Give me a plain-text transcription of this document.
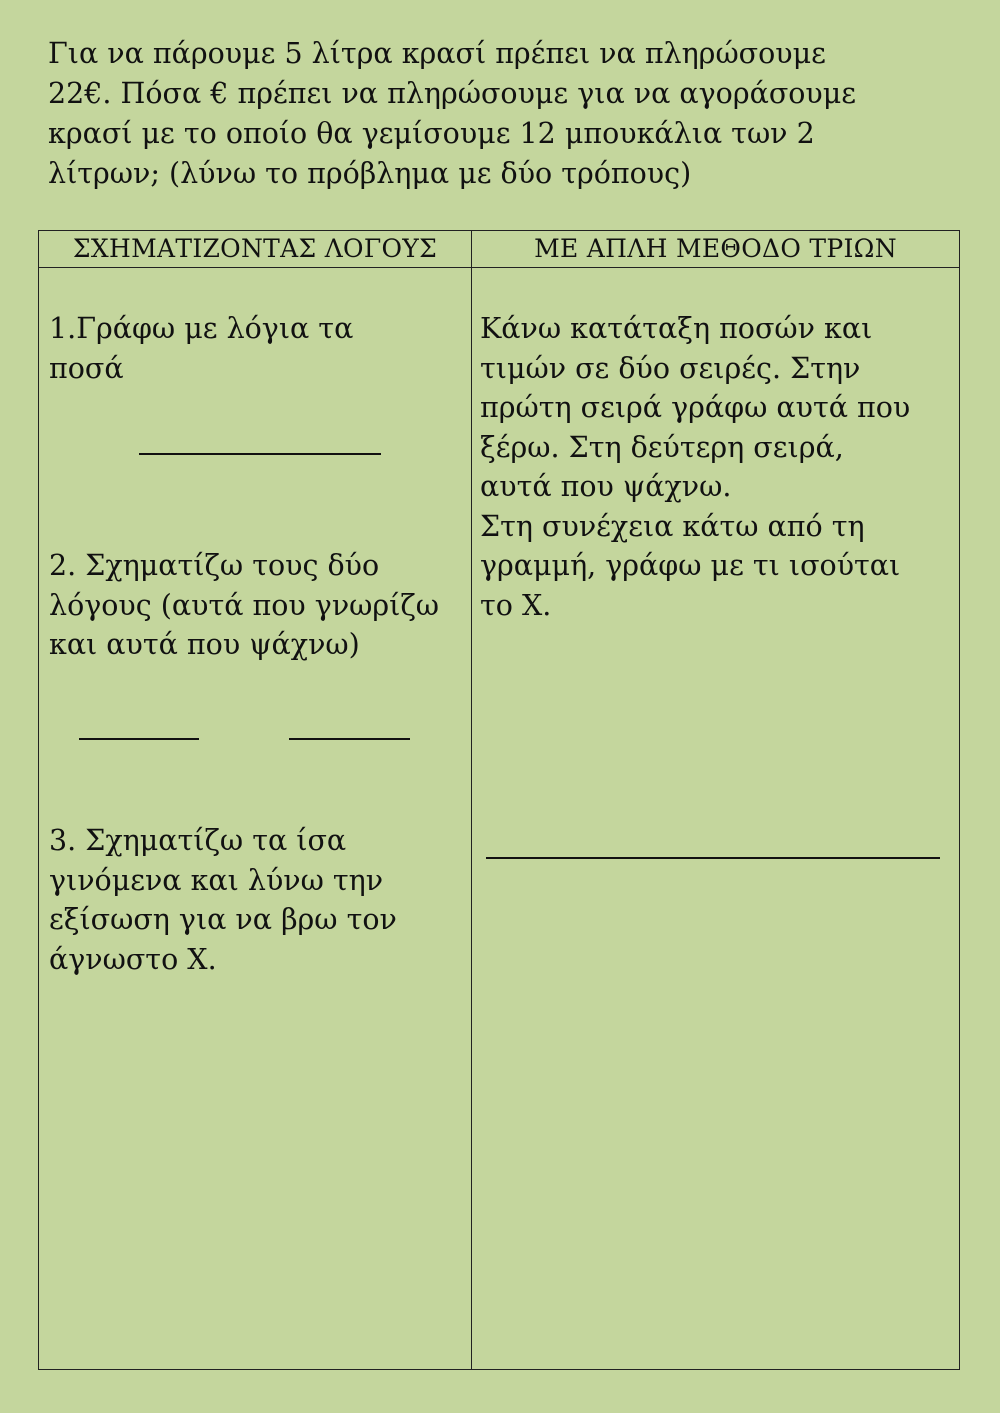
Για να πάρουμε 5 λίτρα κρασί πρέπει να πληρώσουμε
22€. Πόσα € πρέπει να πληρώσουμε για να αγοράσουμε
κρασί με το οποίο θα γεμίσουμε 12 μπουκάλια των 2
λίτρων; (λύνω το πρόβλημα με δύο τρόπους)

ΣΧΗΜΑΤΙΖΟΝΤΑΣ ΛΟΓΟΥΣ	ΜΕ ΑΠΛΗ ΜΕΘΟΔΟ ΤΡΙΩΝ

1.Γράφω με λόγια τα
ποσά

2. Σχηματίζω τους δύο
λόγους (αυτά που γνωρίζω
και αυτά που ψάχνω)

3. Σχηματίζω τα ίσα
γινόμενα και λύνω την
εξίσωση για να βρω τον
άγνωστο Χ.

Κάνω κατάταξη ποσών και
τιμών σε δύο σειρές. Στην
πρώτη σειρά γράφω αυτά που
ξέρω. Στη δεύτερη σειρά,
αυτά που ψάχνω.
Στη συνέχεια κάτω από τη
γραμμή, γράφω με τι ισούται
το Χ.
